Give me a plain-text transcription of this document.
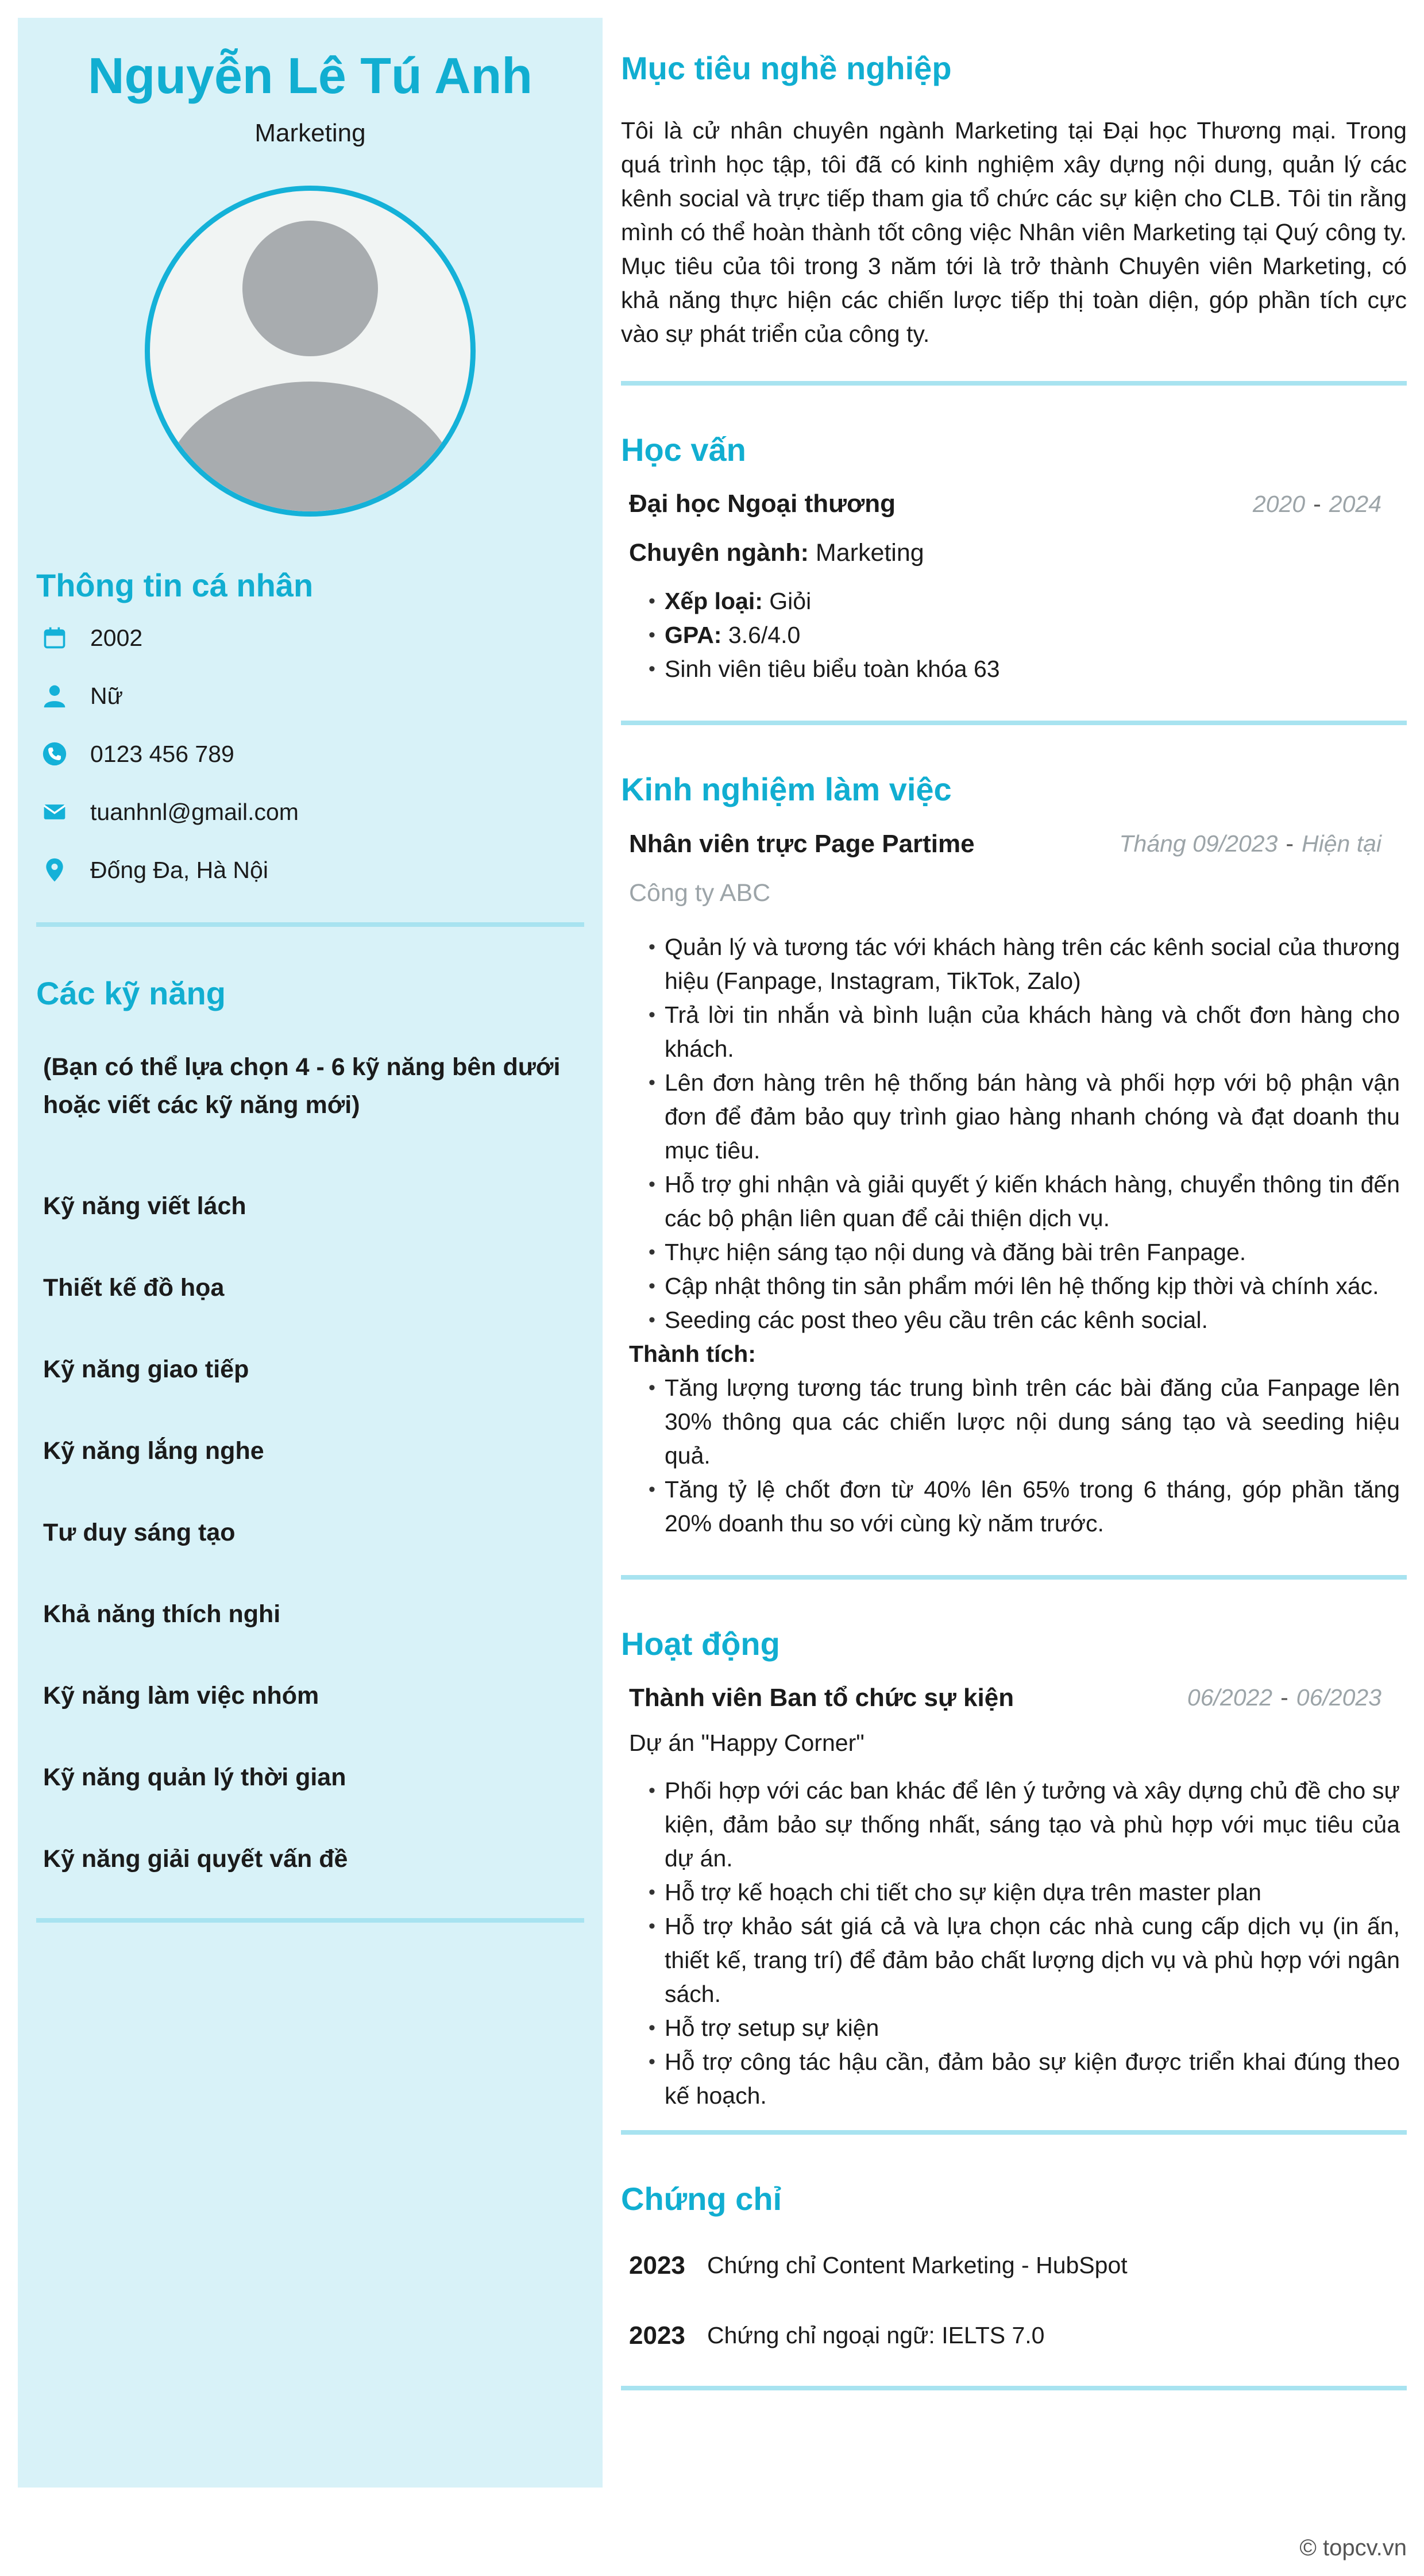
Nguyễn Lê Tú Anh
Marketing
Thông tin cá nhân
2002
Nữ
0123 456 789
tuanhnl@gmail.com
Đống Đa, Hà Nội
Các kỹ năng
(Bạn có thể lựa chọn 4 - 6 kỹ năng bên dưới hoặc viết các kỹ năng mới)
Kỹ năng viết lách
Thiết kế đồ họa
Kỹ năng giao tiếp
Kỹ năng lắng nghe
Tư duy sáng tạo
Khả năng thích nghi
Kỹ năng làm việc nhóm
Kỹ năng quản lý thời gian
Kỹ năng giải quyết vấn đề
Mục tiêu nghề nghiệp

Tôi là cử nhân chuyên ngành Marketing tại Đại học Thương mại. Trong quá trình học tập, tôi đã có kinh nghiệm xây dựng nội dung, quản lý các kênh social và trực tiếp tham gia tổ chức các sự kiện cho CLB. Tôi tin rằng mình có thể hoàn thành tốt công việc Nhân viên Marketing tại Quý công ty. Mục tiêu của tôi trong 3 năm tới là trở thành Chuyên viên Marketing, có khả năng thực hiện các chiến lược tiếp thị toàn diện, góp phần tích cực vào sự phát triển của công ty.

Học vấn
Đại học Ngoại thương	2020 - 2024
Chuyên ngành: Marketing
• Xếp loại: Giỏi
• GPA: 3.6/4.0
• Sinh viên tiêu biểu toàn khóa 63
Kinh nghiệm làm việc
Nhân viên trực Page Partime	Tháng 09/2023 - Hiện tại
Công ty ABC
• Quản lý và tương tác với khách hàng trên các kênh social của thương hiệu (Fanpage, Instagram, TikTok, Zalo)
• Trả lời tin nhắn và bình luận của khách hàng và chốt đơn hàng cho khách.
• Lên đơn hàng trên hệ thống bán hàng và phối hợp với bộ phận vận đơn để đảm bảo quy trình giao hàng nhanh chóng và đạt doanh thu mục tiêu.
• Hỗ trợ ghi nhận và giải quyết ý kiến khách hàng, chuyển thông tin đến các bộ phận liên quan để cải thiện dịch vụ.
• Thực hiện sáng tạo nội dung và đăng bài trên Fanpage.
• Cập nhật thông tin sản phẩm mới lên hệ thống kịp thời và chính xác.
• Seeding các post theo yêu cầu trên các kênh social.
Thành tích:
• Tăng lượng tương tác trung bình trên các bài đăng của Fanpage lên 30% thông qua các chiến lược nội dung sáng tạo và seeding hiệu quả.
• Tăng tỷ lệ chốt đơn từ 40% lên 65% trong 6 tháng, góp phần tăng 20% doanh thu so với cùng kỳ năm trước.
Hoạt động
Thành viên Ban tổ chức sự kiện	06/2022 - 06/2023
Dự án "Happy Corner"
• Phối hợp với các ban khác để lên ý tưởng và xây dựng chủ đề cho sự kiện, đảm bảo sự thống nhất, sáng tạo và phù hợp với mục tiêu của dự án.
• Hỗ trợ kế hoạch chi tiết cho sự kiện dựa trên master plan
• Hỗ trợ khảo sát giá cả và lựa chọn các nhà cung cấp dịch vụ (in ấn, thiết kế, trang trí) để đảm bảo chất lượng dịch vụ và phù hợp với ngân sách.
• Hỗ trợ setup sự kiện
• Hỗ trợ công tác hậu cần, đảm bảo sự kiện được triển khai đúng theo kế hoạch.
Chứng chỉ
2023 Chứng chỉ Content Marketing - HubSpot
2023 Chứng chỉ ngoại ngữ: IELTS 7.0
© topcv.vn
